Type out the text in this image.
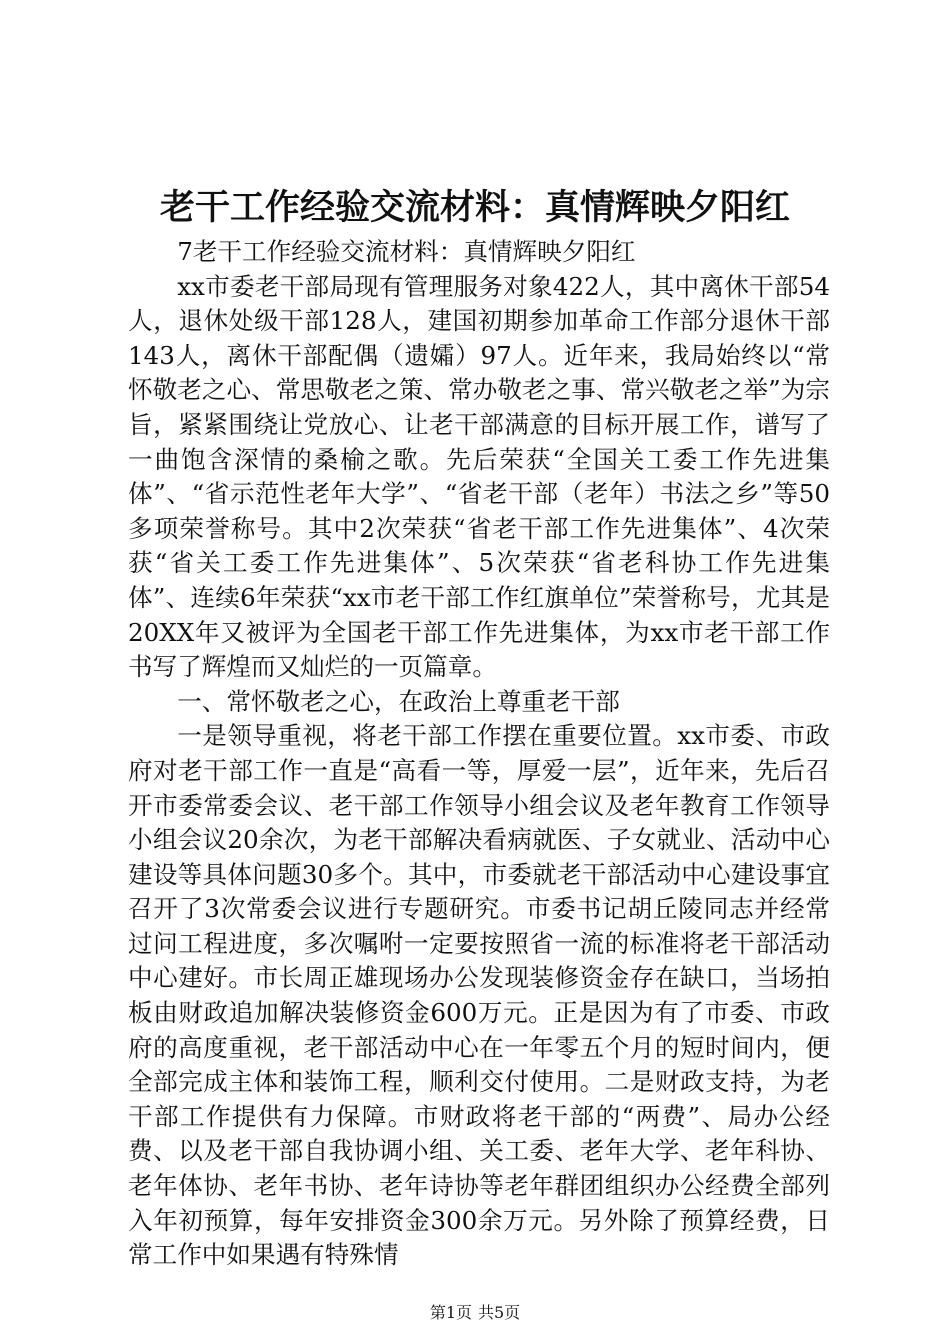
老干工作经验交流材料：真情辉映夕阳红

7老干工作经验交流材料：真情辉映夕阳红

xx市委老干部局现有管理服务对象422人，其中离休干部54人，退休处级干部128人，建国初期参加革命工作部分退休干部143人，离休干部配偶（遗孀）97人。近年来，我局始终以“常怀敬老之心、常思敬老之策、常办敬老之事、常兴敬老之举”为宗旨，紧紧围绕让党放心、让老干部满意的目标开展工作，谱写了一曲饱含深情的桑榆之歌。先后荣获“全国关工委工作先进集体”、“省示范性老年大学”、“省老干部（老年）书法之乡”等50多项荣誉称号。其中2次荣获“省老干部工作先进集体”、4次荣获“省关工委工作先进集体”、5次荣获“省老科协工作先进集体”、连续6年荣获“xx市老干部工作红旗单位”荣誉称号，尤其是20XX年又被评为全国老干部工作先进集体，为xx市老干部工作书写了辉煌而又灿烂的一页篇章。

一、常怀敬老之心，在政治上尊重老干部

一是领导重视，将老干部工作摆在重要位置。xx市委、市政府对老干部工作一直是“高看一等，厚爱一层”，近年来，先后召开市委常委会议、老干部工作领导小组会议及老年教育工作领导小组会议20余次，为老干部解决看病就医、子女就业、活动中心建设等具体问题30多个。其中，市委就老干部活动中心建设事宜召开了3次常委会议进行专题研究。市委书记胡丘陵同志并经常过问工程进度，多次嘱咐一定要按照省一流的标准将老干部活动中心建好。市长周正雄现场办公发现装修资金存在缺口，当场拍板由财政追加解决装修资金600万元。正是因为有了市委、市政府的高度重视，老干部活动中心在一年零五个月的短时间内，便全部完成主体和装饰工程，顺利交付使用。二是财政支持，为老干部工作提供有力保障。市财政将老干部的“两费”、局办公经费、以及老干部自我协调小组、关工委、老年大学、老年科协、老年体协、老年书协、老年诗协等老年群团组织办公经费全部列入年初预算，每年安排资金300余万元。另外除了预算经费，日常工作中如果遇有特殊情

第1页 共5页
